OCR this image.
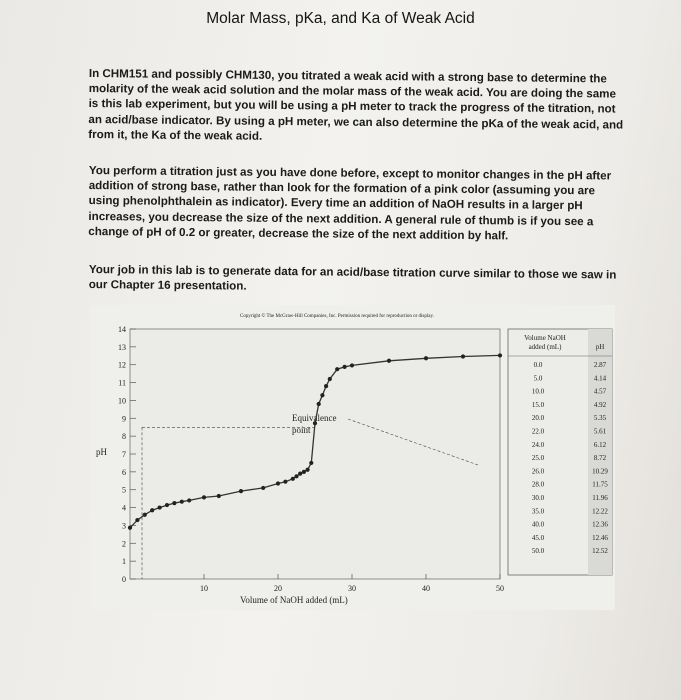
Molar Mass, pKa, and Ka of Weak Acid
In CHM151 and possibly CHM130, you titrated a weak acid with a strong base to determine the molarity of the weak acid solution and the molar mass of the weak acid. You are doing the same is this lab experiment, but you will be using a pH meter to track the progress of the titration, not an acid/base indicator. By using a pH meter, we can also determine the pKa of the weak acid, and from it, the Ka of the weak acid.
You perform a titration just as you have done before, except to monitor changes in the pH after addition of strong base, rather than look for the formation of a pink color (assuming you are using phenolphthalein as indicator). Every time an addition of NaOH results in a larger pH increases, you decrease the size of the next addition. A general rule of thumb is if you see a change of pH of 0.2 or greater, decrease the size of the next addition by half.
Your job in this lab is to generate data for an acid/base titration curve similar to those we saw in our Chapter 16 presentation.
Copyright © The McGraw-Hill Companies, Inc. Permission required for reproduction or display.
0
1
2
3
4
5
6
7
8
9
10
11
12
13
14
10	20	30	40	50
pH
Volume of NaOH added (mL)
Equivalence
point
Volume NaOH
added (mL)	pH
0.0	2.87
5.0	4.14
10.0	4.57
15.0	4.92
20.0	5.35
22.0	5.61
24.0	6.12
25.0	8.72
26.0	10.29
28.0	11.75
30.0	11.96
35.0	12.22
40.0	12.36
45.0	12.46
50.0	12.52
